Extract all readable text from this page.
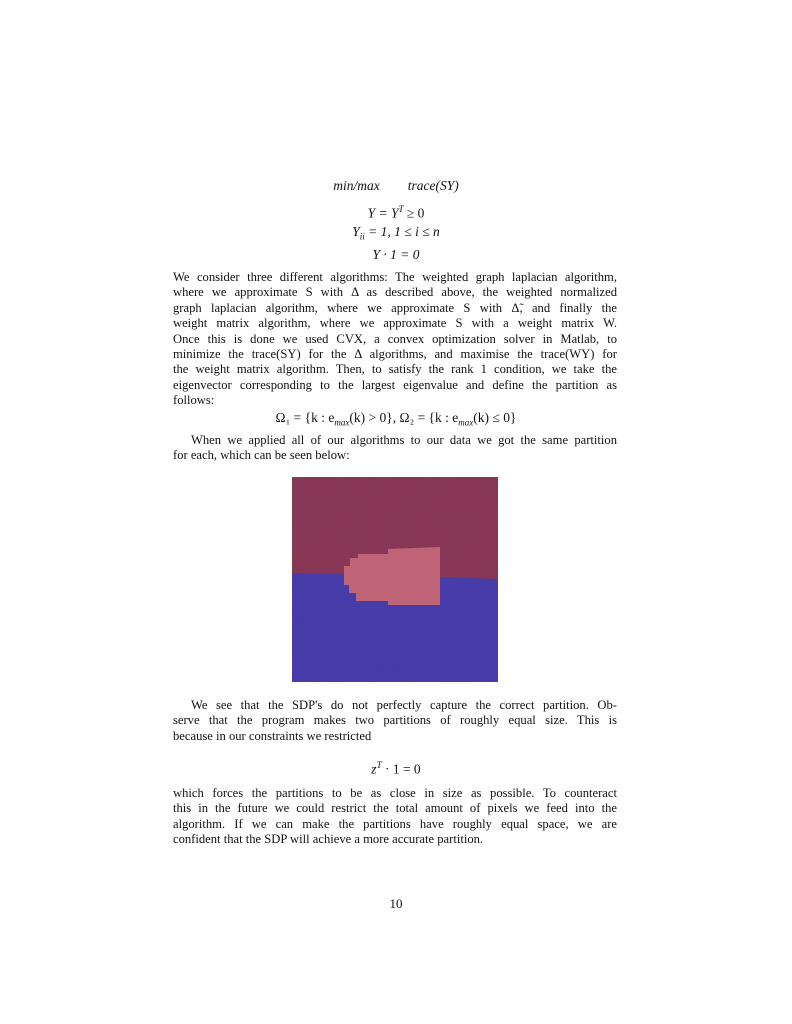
min/max trace(SY)
$Y = Y^T \ge 0$
$Y_{ii} = 1$, 1 ≤ i ≤ n
Y · 1 = 0
We consider three different algorithms: The weighted graph laplacian algorithm,
where we approximate S with Δ as described above, the weighted normalized
graph laplacian algorithm, where we approximate S with Δ̃, and finally the
weight matrix algorithm, where we approximate S with a weight matrix W.
Once this is done we used CVX, a convex optimization solver in Matlab, to
minimize the trace(SY) for the Δ algorithms, and maximise the trace(WY) for
the weight matrix algorithm. Then, to satisfy the rank 1 condition, we take the
eigenvector corresponding to the largest eigenvalue and define the partition as
follows:
Ω₁ = {k : $e_{max}(k) > 0$}, Ω₂ = {k : $e_{max}(k) \le 0$}
When we applied all of our algorithms to our data we got the same partition
for each, which can be seen below:
We see that the SDP's do not perfectly capture the correct partition. Ob-
serve that the program makes two partitions of roughly equal size. This is
because in our constraints we restricted
$z^T \cdot 1 = 0$
which forces the partitions to be as close in size as possible. To counteract
this in the future we could restrict the total amount of pixels we feed into the
algorithm. If we can make the partitions have roughly equal space, we are
confident that the SDP will achieve a more accurate partition.
10
